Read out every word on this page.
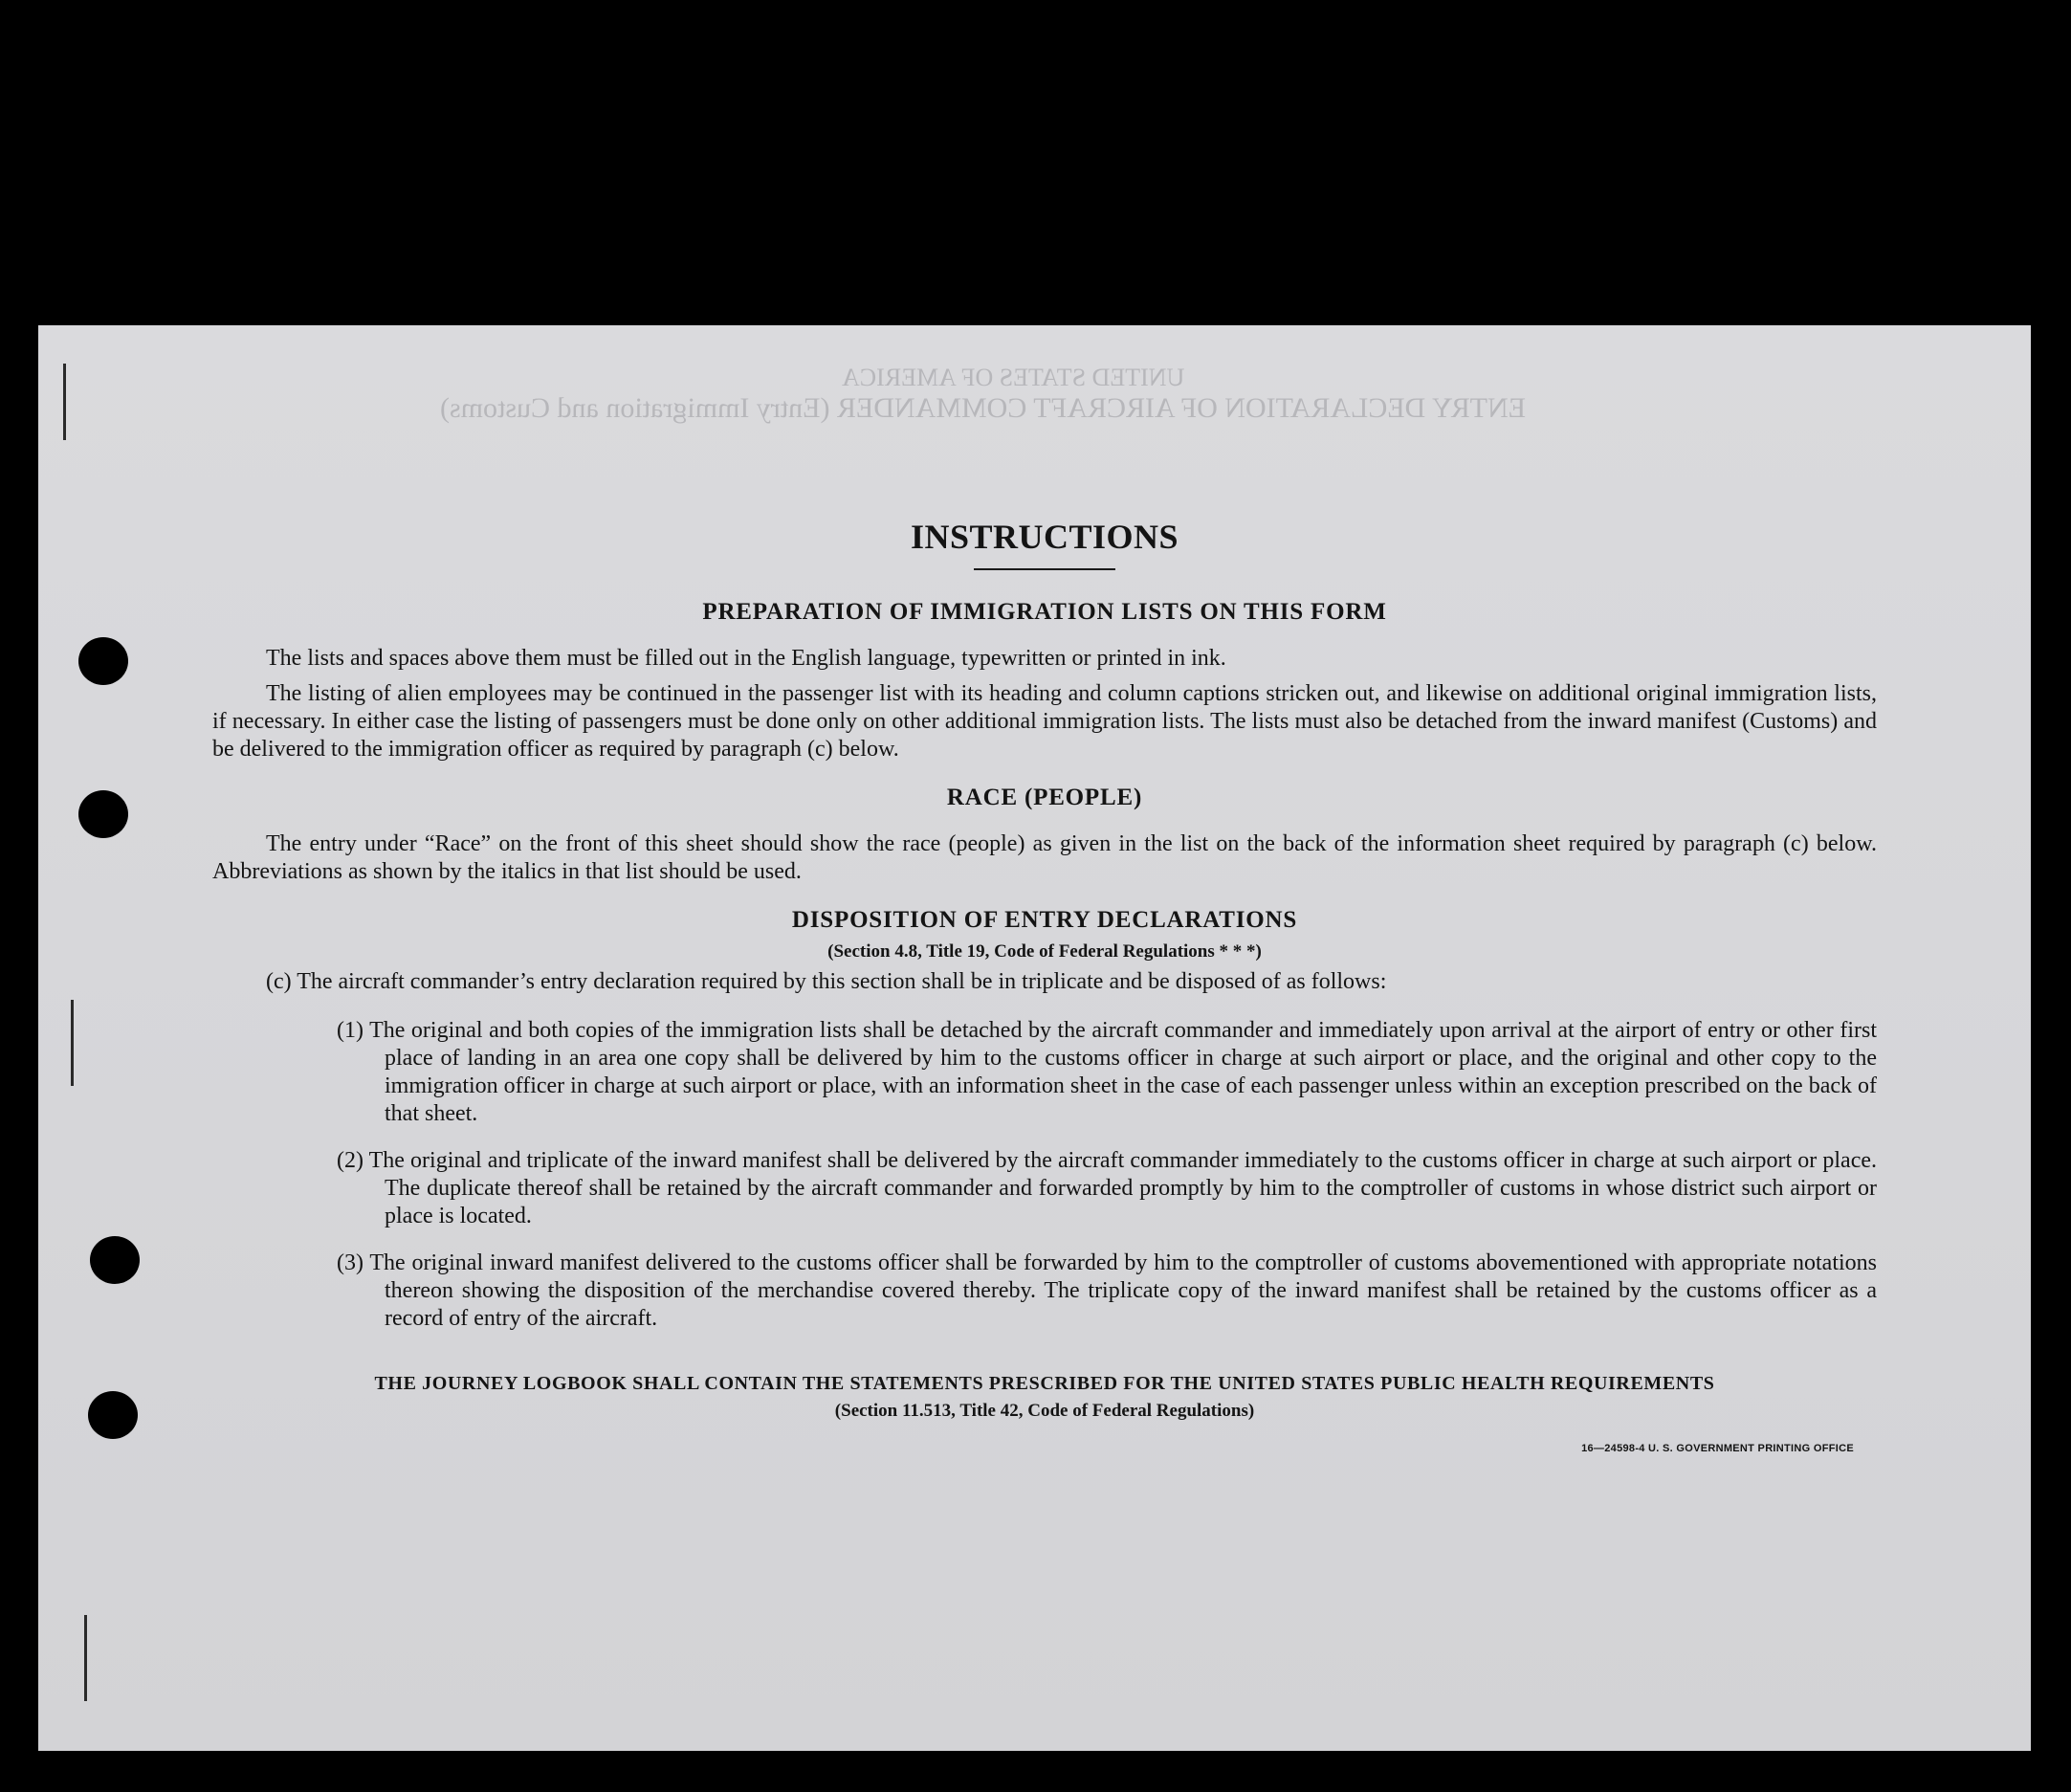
UNITED STATES OF AMERICA
ENTRY DECLARATION OF AIRCRAFT COMMANDER (Entry Immigration and Customs)
INSTRUCTIONS
PREPARATION OF IMMIGRATION LISTS ON THIS FORM

The lists and spaces above them must be filled out in the English language, typewritten or printed in ink.

The listing of alien employees may be continued in the passenger list with its heading and column captions stricken out, and likewise on additional original immigration lists, if necessary. In either case the listing of passengers must be done only on other additional immigration lists. The lists must also be detached from the inward manifest (Customs) and be delivered to the immigration officer as required by paragraph (c) below.

RACE (PEOPLE)

The entry under “Race” on the front of this sheet should show the race (people) as given in the list on the back of the information sheet required by paragraph (c) below. Abbreviations as shown by the italics in that list should be used.

DISPOSITION OF ENTRY DECLARATIONS

(Section 4.8, Title 19, Code of Federal Regulations * * *)

(c) The aircraft commander’s entry declaration required by this section shall be in triplicate and be disposed of as follows:

(1) The original and both copies of the immigration lists shall be detached by the aircraft commander and immediately upon arrival at the airport of entry or other first place of landing in an area one copy shall be delivered by him to the customs officer in charge at such airport or place, and the original and other copy to the immigration officer in charge at such airport or place, with an information sheet in the case of each passenger unless within an exception prescribed on the back of that sheet.

(2) The original and triplicate of the inward manifest shall be delivered by the aircraft commander immediately to the customs officer in charge at such airport or place. The duplicate thereof shall be retained by the aircraft commander and forwarded promptly by him to the comptroller of customs in whose district such airport or place is located.

(3) The original inward manifest delivered to the customs officer shall be forwarded by him to the comptroller of customs abovementioned with appropriate notations thereon showing the disposition of the merchandise covered thereby. The triplicate copy of the inward manifest shall be retained by the customs officer as a record of entry of the aircraft.

THE JOURNEY LOGBOOK SHALL CONTAIN THE STATEMENTS PRESCRIBED FOR THE UNITED STATES PUBLIC HEALTH REQUIREMENTS

(Section 11.513, Title 42, Code of Federal Regulations)

16—24598-4 U. S. GOVERNMENT PRINTING OFFICE
